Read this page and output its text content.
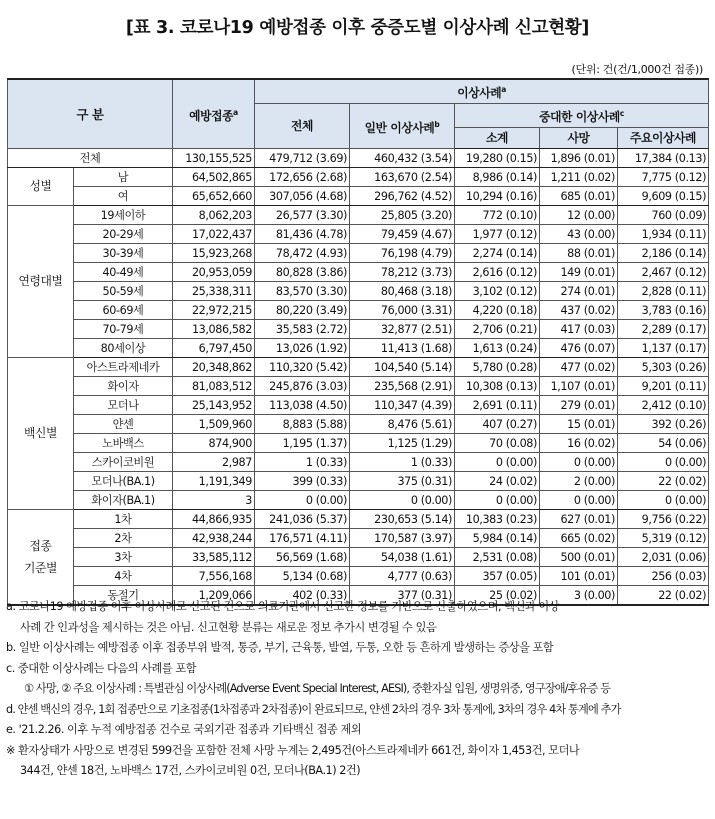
[표 3. 코로나19 예방접종 이후 중증도별 이상사례 신고현황]
(단위: 건(건/1,000건 접종))
구 분		예방접종$^a$	이상사례$^a$
			전체	일반 이상사례$^b$	중대한 이상사례$^c$
					소계	사망	주요이상사례
전체		130,155,525	479,712 (3.69)	460,432 (3.54)	19,280 (0.15)	1,896 (0.01)	17,384 (0.13)
성별	남	64,502,865	172,656 (2.68)	163,670 (2.54)	8,986 (0.14)	1,211 (0.02)	7,775 (0.12)
	여	65,652,660	307,056 (4.68)	296,762 (4.52)	10,294 (0.16)	685 (0.01)	9,609 (0.15)
연령대별	19세이하	8,062,203	26,577 (3.30)	25,805 (3.20)	772 (0.10)	12 (0.00)	760 (0.09)
	20-29세	17,022,437	81,436 (4.78)	79,459 (4.67)	1,977 (0.12)	43 (0.00)	1,934 (0.11)
	30-39세	15,923,268	78,472 (4.93)	76,198 (4.79)	2,274 (0.14)	88 (0.01)	2,186 (0.14)
	40-49세	20,953,059	80,828 (3.86)	78,212 (3.73)	2,616 (0.12)	149 (0.01)	2,467 (0.12)
	50-59세	25,338,311	83,570 (3.30)	80,468 (3.18)	3,102 (0.12)	274 (0.01)	2,828 (0.11)
	60-69세	22,972,215	80,220 (3.49)	76,000 (3.31)	4,220 (0.18)	437 (0.02)	3,783 (0.16)
	70-79세	13,086,582	35,583 (2.72)	32,877 (2.51)	2,706 (0.21)	417 (0.03)	2,289 (0.17)
	80세이상	6,797,450	13,026 (1.92)	11,413 (1.68)	1,613 (0.24)	476 (0.07)	1,137 (0.17)
백신별	아스트라제네카	20,348,862	110,320 (5.42)	104,540 (5.14)	5,780 (0.28)	477 (0.02)	5,303 (0.26)
	화이자	81,083,512	245,876 (3.03)	235,568 (2.91)	10,308 (0.13)	1,107 (0.01)	9,201 (0.11)
	모더나	25,143,952	113,038 (4.50)	110,347 (4.39)	2,691 (0.11)	279 (0.01)	2,412 (0.10)
	얀센	1,509,960	8,883 (5.88)	8,476 (5.61)	407 (0.27)	15 (0.01)	392 (0.26)
	노바백스	874,900	1,195 (1.37)	1,125 (1.29)	70 (0.08)	16 (0.02)	54 (0.06)
	스카이코비원	2,987	1 (0.33)	1 (0.33)	0 (0.00)	0 (0.00)	0 (0.00)
	모더나(BA.1)	1,191,349	399 (0.33)	375 (0.31)	24 (0.02)	2 (0.00)	22 (0.02)
	화이자(BA.1)	3	0 (0.00)	0 (0.00)	0 (0.00)	0 (0.00)	0 (0.00)
접종
기준별	1차	44,866,935	241,036 (5.37)	230,653 (5.14)	10,383 (0.23)	627 (0.01)	9,756 (0.22)
	2차	42,938,244	176,571 (4.11)	170,587 (3.97)	5,984 (0.14)	665 (0.02)	5,319 (0.12)
	3차	33,585,112	56,569 (1.68)	54,038 (1.61)	2,531 (0.08)	500 (0.01)	2,031 (0.06)
	4차	7,556,168	5,134 (0.68)	4,777 (0.63)	357 (0.05)	101 (0.01)	256 (0.03)
	동절기	1,209,066	402 (0.33)	377 (0.31)	25 (0.02)	3 (0.00)	22 (0.02)

a. 코로나19 예방접종 이후 이상사례로 신고된 건으로 의료기관에서 신고한 정보를 기반으로 산출하였으며, 백신과 이상

사례 간 인과성을 제시하는 것은 아님. 신고현황 분류는 새로운 정보 추가시 변경될 수 있음

b. 일반 이상사례는 예방접종 이후 접종부위 발적, 통증, 부기, 근육통, 발열, 두통, 오한 등 흔하게 발생하는 증상을 포함

c. 중대한 이상사례는 다음의 사례를 포함

① 사망, ② 주요 이상사례 : 특별관심 이상사례(Adverse Event Special Interest, AESI), 중환자실 입원, 생명위중, 영구장애/후유증 등

d. 얀센 백신의 경우, 1회 접종만으로 기초접종(1차접종과 2차접종)이 완료되므로, 얀센 2차의 경우 3차 통계에, 3차의 경우 4차 통계에 추가

e. '21.2.26. 이후 누적 예방접종 건수로 국외기관 접종과 기타백신 접종 제외

※ 환자상태가 사망으로 변경된 599건을 포함한 전체 사망 누계는 2,495건(아스트라제네카 661건, 화이자 1,453건, 모더나

344건, 얀센 18건, 노바백스 17건, 스카이코비원 0건, 모더나(BA.1) 2건)
